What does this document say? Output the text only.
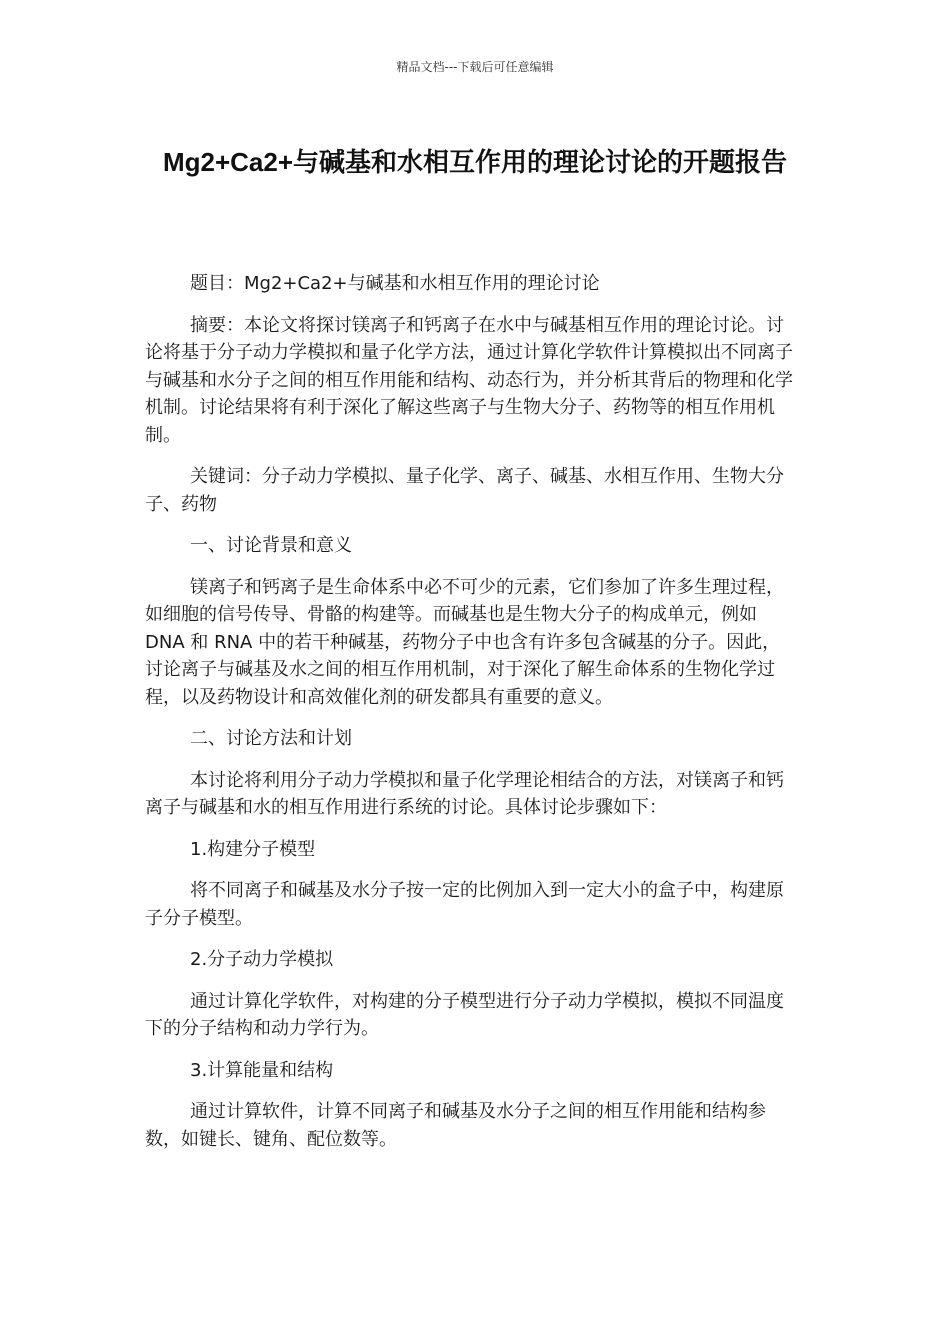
精品文档---下载后可任意编辑
Mg2+Ca2+与碱基和水相互作用的理论讨论的开题报告

题目：Mg2+Ca2+与碱基和水相互作用的理论讨论

摘要：本论文将探讨镁离子和钙离子在水中与碱基相互作用的理论讨论。讨论将基于分子动力学模拟和量子化学方法，通过计算化学软件计算模拟出不同离子与碱基和水分子之间的相互作用能和结构、动态行为，并分析其背后的物理和化学机制。讨论结果将有利于深化了解这些离子与生物大分子、药物等的相互作用机制。

关键词：分子动力学模拟、量子化学、离子、碱基、水相互作用、生物大分子、药物

一、讨论背景和意义

镁离子和钙离子是生命体系中必不可少的元素，它们参加了许多生理过程，如细胞的信号传导、骨骼的构建等。而碱基也是生物大分子的构成单元，例如 DNA 和 RNA 中的若干种碱基，药物分子中也含有许多包含碱基的分子。因此，讨论离子与碱基及水之间的相互作用机制，对于深化了解生命体系的生物化学过程，以及药物设计和高效催化剂的研发都具有重要的意义。

二、讨论方法和计划

本讨论将利用分子动力学模拟和量子化学理论相结合的方法，对镁离子和钙离子与碱基和水的相互作用进行系统的讨论。具体讨论步骤如下：

1.构建分子模型

将不同离子和碱基及水分子按一定的比例加入到一定大小的盒子中，构建原子分子模型。

2.分子动力学模拟

通过计算化学软件，对构建的分子模型进行分子动力学模拟，模拟不同温度下的分子结构和动力学行为。

3.计算能量和结构

通过计算软件，计算不同离子和碱基及水分子之间的相互作用能和结构参数，如键长、键角、配位数等。
